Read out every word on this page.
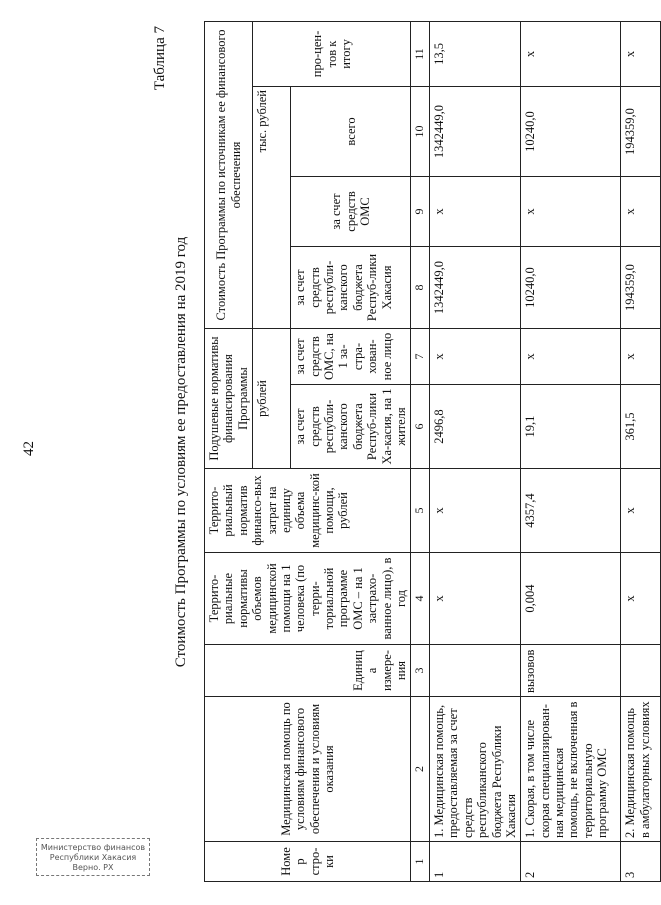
42
Таблица 7
Стоимость Программы по условиям ее предоставления на 2019 год
Номер стро-ки	Медицинская помощь по условиям финансового обеспечения и условиям оказания	Единица измере-ния	Террито-риальные нормативы объемов медицинской помощи на 1 человека (по терри-ториальной программе ОМС – на 1 застрахо-ванное лицо), в год	Террито-риальный норматив финансо-вых затрат на единицу объема медицинс-кой помощи, рублей	Подушевые нормативы финансирования Программы		Стоимость Программы по источникам ее финансового обеспечения			
					рублей		тыс. рублей			про-цен-тов к итогу
					за счет средств республи-канского бюджета Респуб-лики Ха-касия, на 1 жителя	за счет средств ОМС, на 1 за-стра-хован-ное лицо	за счет средств республи-канского бюджета Респуб-лики Хакасия	за счет средств ОМС	всего	
1	2	3	4	5	6	7	8	9	10	11
1	1. Медицинская помощь, предоставляемая за счет средств республиканского бюджета Республики Хакасия		х	х	2496,8	х	1342449,0	х	1342449,0	13,5
2	1. Скорая, в том числе скорая специализирован-ная медицинская помощь, не включенная в территориальную программу ОМС	вызовов	0,004	4357,4	19,1	х	10240,0	х	10240,0	х
3	2. Медицинская помощь в амбулаторных условиях		х	х	361,5	х	194359,0	х	194359,0	х
Министерство финансов
Республики Хакасия
Верно. РХ
